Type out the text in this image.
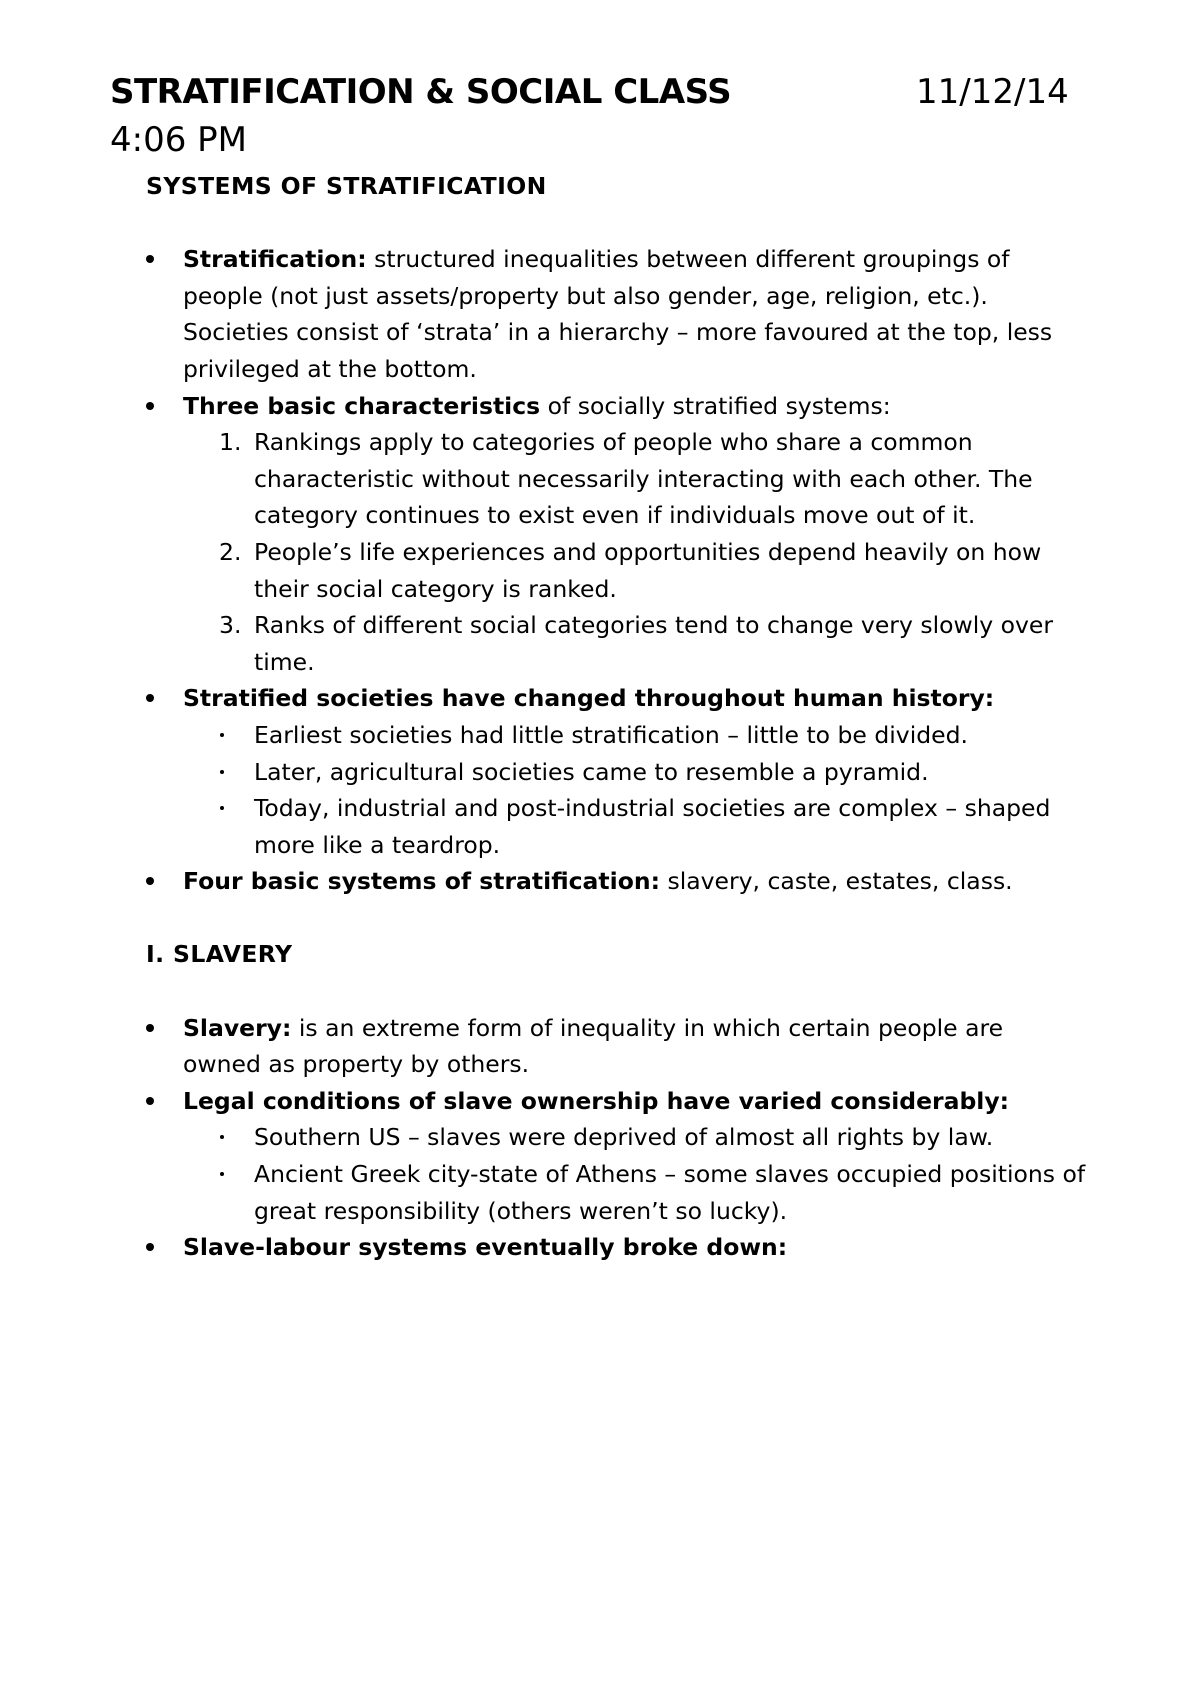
STRATIFICATION & SOCIAL CLASS	11/12/14
4:06 PM
SYSTEMS OF STRATIFICATION
Stratification: structured inequalities between different groupings of people (not just assets/property but also gender, age, religion, etc.). Societies consist of ‘strata’ in a hierarchy – more favoured at the top, less privileged at the bottom.
Three basic characteristics of socially stratified systems:
1. Rankings apply to categories of people who share a common characteristic without necessarily interacting with each other. The category continues to exist even if individuals move out of it.
2. People’s life experiences and opportunities depend heavily on how their social category is ranked.
3. Ranks of different social categories tend to change very slowly over time.
Stratified societies have changed throughout human history:
Earliest societies had little stratification – little to be divided.
Later, agricultural societies came to resemble a pyramid.
Today, industrial and post-industrial societies are complex – shaped more like a teardrop.
Four basic systems of stratification: slavery, caste, estates, class.
I. SLAVERY
Slavery: is an extreme form of inequality in which certain people are owned as property by others.
Legal conditions of slave ownership have varied considerably:
Southern US – slaves were deprived of almost all rights by law.
Ancient Greek city-state of Athens – some slaves occupied positions of great responsibility (others weren’t so lucky).
Slave-labour systems eventually broke down:
